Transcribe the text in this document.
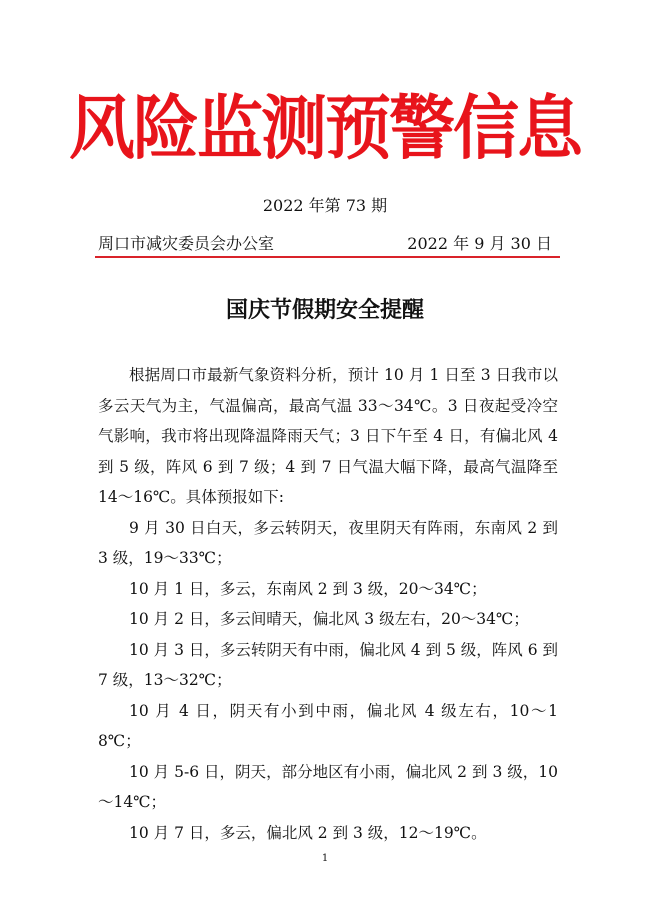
风险监测预警信息
2022 年第 73 期
周口市减灾委员会办公室	2022 年 9 月 30 日
国庆节假期安全提醒

根据周口市最新气象资料分析，预计 10 月 1 日至 3 日我市以多云天气为主，气温偏高，最高气温 33～34℃。3 日夜起受冷空气影响，我市将出现降温降雨天气；3 日下午至 4 日，有偏北风 4 到 5 级，阵风 6 到 7 级；4 到 7 日气温大幅下降，最高气温降至 14～16℃。具体预报如下:

9 月 30 日白天，多云转阴天，夜里阴天有阵雨，东南风 2 到 3 级，19～33℃；

10 月 1 日，多云，东南风 2 到 3 级，20～34℃；

10 月 2 日，多云间晴天，偏北风 3 级左右，20～34℃；

10 月 3 日，多云转阴天有中雨，偏北风 4 到 5 级，阵风 6 到 7 级，13～32℃；

10 月 4 日，阴天有小到中雨，偏北风 4 级左右，10～18℃；

10 月 5-6 日，阴天，部分地区有小雨，偏北风 2 到 3 级，10～14℃；

10 月 7 日，多云，偏北风 2 到 3 级，12～19℃。

1
